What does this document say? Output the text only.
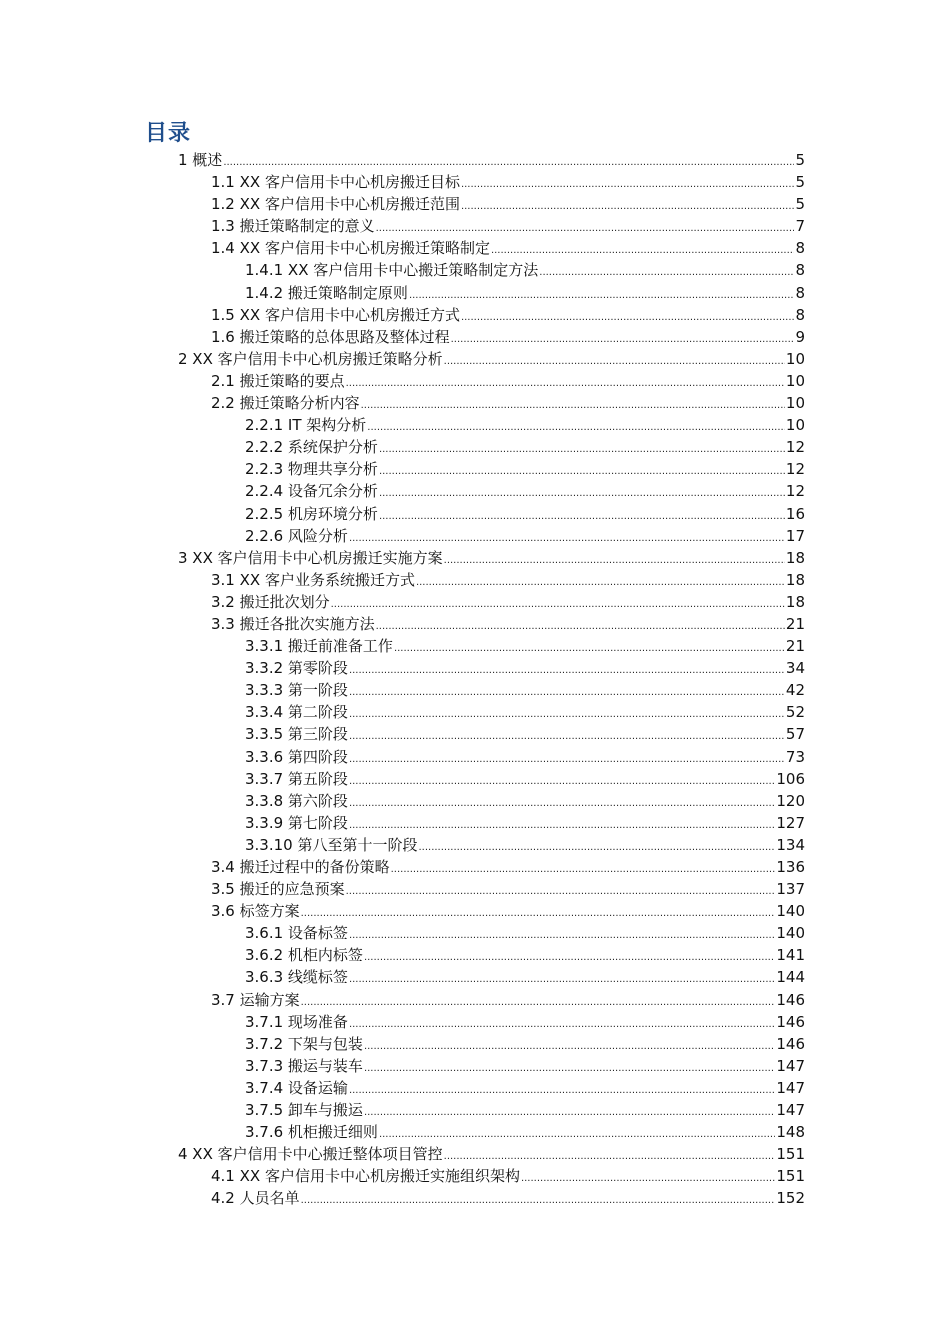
目录
1 概述 .....	5
1.1 XX 客户信用卡中心机房搬迁目标 .....	5
1.2 XX 客户信用卡中心机房搬迁范围 .....	5
1.3 搬迁策略制定的意义 .....	7
1.4 XX 客户信用卡中心机房搬迁策略制定 .....	8
1.4.1 XX 客户信用卡中心搬迁策略制定方法 .....	8
1.4.2 搬迁策略制定原则 .....	8
1.5 XX 客户信用卡中心机房搬迁方式 .....	8
1.6 搬迁策略的总体思路及整体过程 .....	9
2 XX 客户信用卡中心机房搬迁策略分析 .....	10
2.1 搬迁策略的要点 .....	10
2.2 搬迁策略分析内容 .....	10
2.2.1 IT 架构分析 .....	10
2.2.2 系统保护分析 .....	12
2.2.3 物理共享分析 .....	12
2.2.4 设备冗余分析 .....	12
2.2.5 机房环境分析 .....	16
2.2.6 风险分析 .....	17
3 XX 客户信用卡中心机房搬迁实施方案 .....	18
3.1 XX 客户业务系统搬迁方式 .....	18
3.2 搬迁批次划分 .....	18
3.3 搬迁各批次实施方法 .....	21
3.3.1 搬迁前准备工作 .....	21
3.3.2 第零阶段 .....	34
3.3.3 第一阶段 .....	42
3.3.4 第二阶段 .....	52
3.3.5 第三阶段 .....	57
3.3.6 第四阶段 .....	73
3.3.7 第五阶段 .....	106
3.3.8 第六阶段 .....	120
3.3.9 第七阶段 .....	127
3.3.10 第八至第十一阶段 .....	134
3.4 搬迁过程中的备份策略 .....	136
3.5 搬迁的应急预案 .....	137
3.6 标签方案 .....	140
3.6.1 设备标签 .....	140
3.6.2 机柜内标签 .....	141
3.6.3 线缆标签 .....	144
3.7 运输方案 .....	146
3.7.1 现场准备 .....	146
3.7.2 下架与包装 .....	146
3.7.3 搬运与装车 .....	147
3.7.4 设备运输 .....	147
3.7.5 卸车与搬运 .....	147
3.7.6 机柜搬迁细则 .....	148
4 XX 客户信用卡中心搬迁整体项目管控 .....	151
4.1 XX 客户信用卡中心机房搬迁实施组织架构 .....	151
4.2 人员名单 .....	152
